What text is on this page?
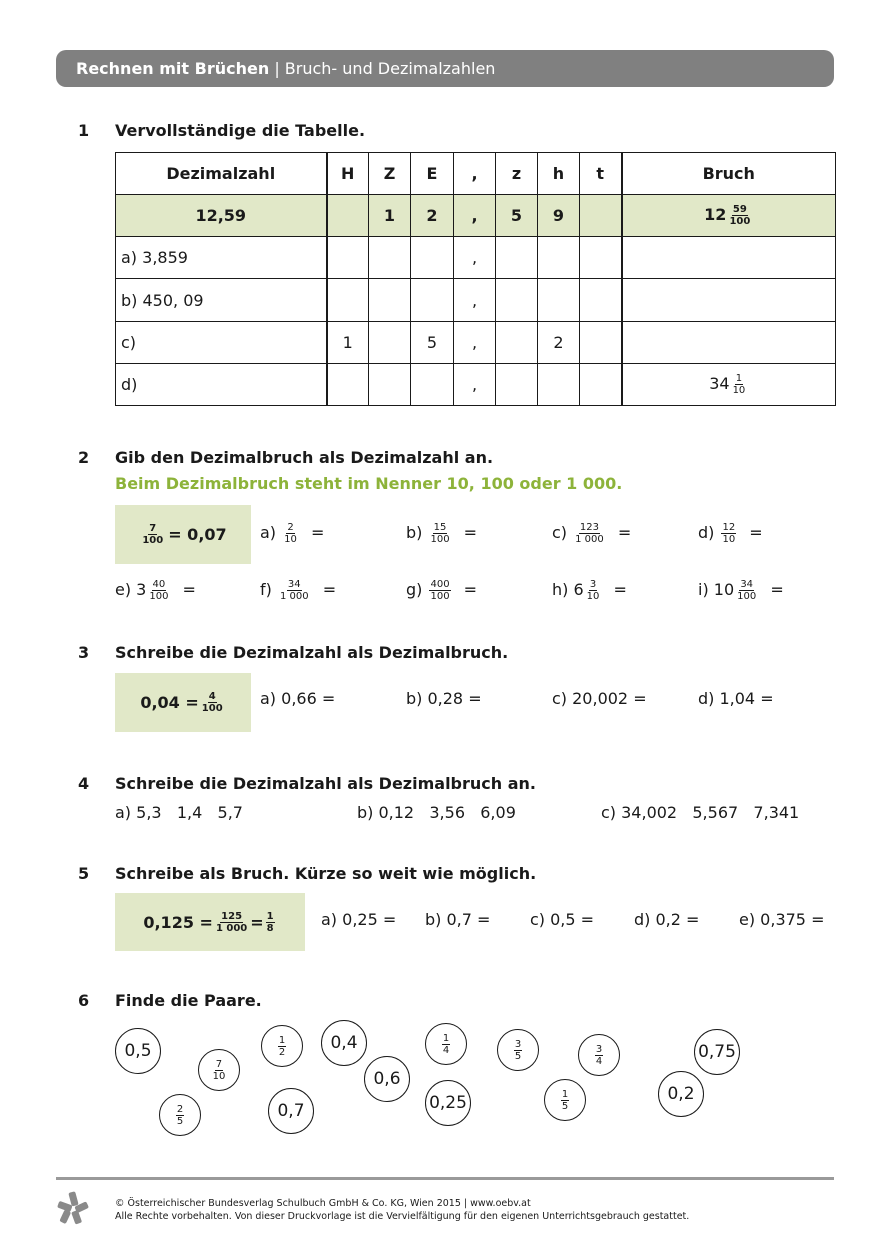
Rechnen mit Brüchen | Bruch- und Dezimalzahlen
1 Vervollständige die Tabelle.
Dezimalzahl	H	Z	E	,	z	h	t	Bruch
12,59		1	2	,	5	9		$12 \frac{59}{100}$

a) 3,859				,				
b) 450, 09				,				
c)	1		5	,		2		
d)				,				$34 \frac{1}{10}$
2 Gib den Dezimalbruch als Dezimalzahl an.
Beim Dezimalbruch steht im Nenner 10, 100 oder 1 000.
$\frac{7}{100} = 0,07$ $a) \frac{2}{10}$ =	$b) \frac{15}{100}$ =	$c) \frac{123}{1 000}$ =	$d) \frac{12}{10}$ =
e) $3 \frac{40}{100}$ =	$f) \frac{34}{1 000}$ =	$g) \frac{400}{100}$ =	h) $6 \frac{3}{10}$ =	i) $10 \frac{34}{100}$ =
3 Schreibe die Dezimalzahl als Dezimalbruch.
$0,04 = \frac{4}{100} a$) 0,66 =	b) 0,28 =	c) 20,002 =	d) 1,04 =
4 Schreibe die Dezimalzahl als Dezimalbruch an.
a) 5,3   1,4   5,7	b) 0,12   3,56   6,09	c) 34,002   5,567   7,341
5 Schreibe als Bruch. Kürze so weit wie möglich.
$0,125 = \frac{125}{1 000} = \frac{1}{8}$	a) 0,25 = b) 0,7 = c) 0,5 = d) 0,2 = e) 0,375 =
6 Finde die Paare.
0,5
$\frac{7}{10}$
$\frac{2}{5}$
$\frac{1}{2}$
0,7
0,4
0,6
$\frac{1}{4}$
0,25
$\frac{3}{5}$
$\frac{1}{5}$
$\frac{3}{4}$
0,2
0,75
© Österreichischer Bundesverlag Schulbuch GmbH & Co. KG, Wien 2015 | www.oebv.at
Alle Rechte vorbehalten. Von dieser Druckvorlage ist die Vervielfältigung für den eigenen Unterrichtsgebrauch gestattet.
